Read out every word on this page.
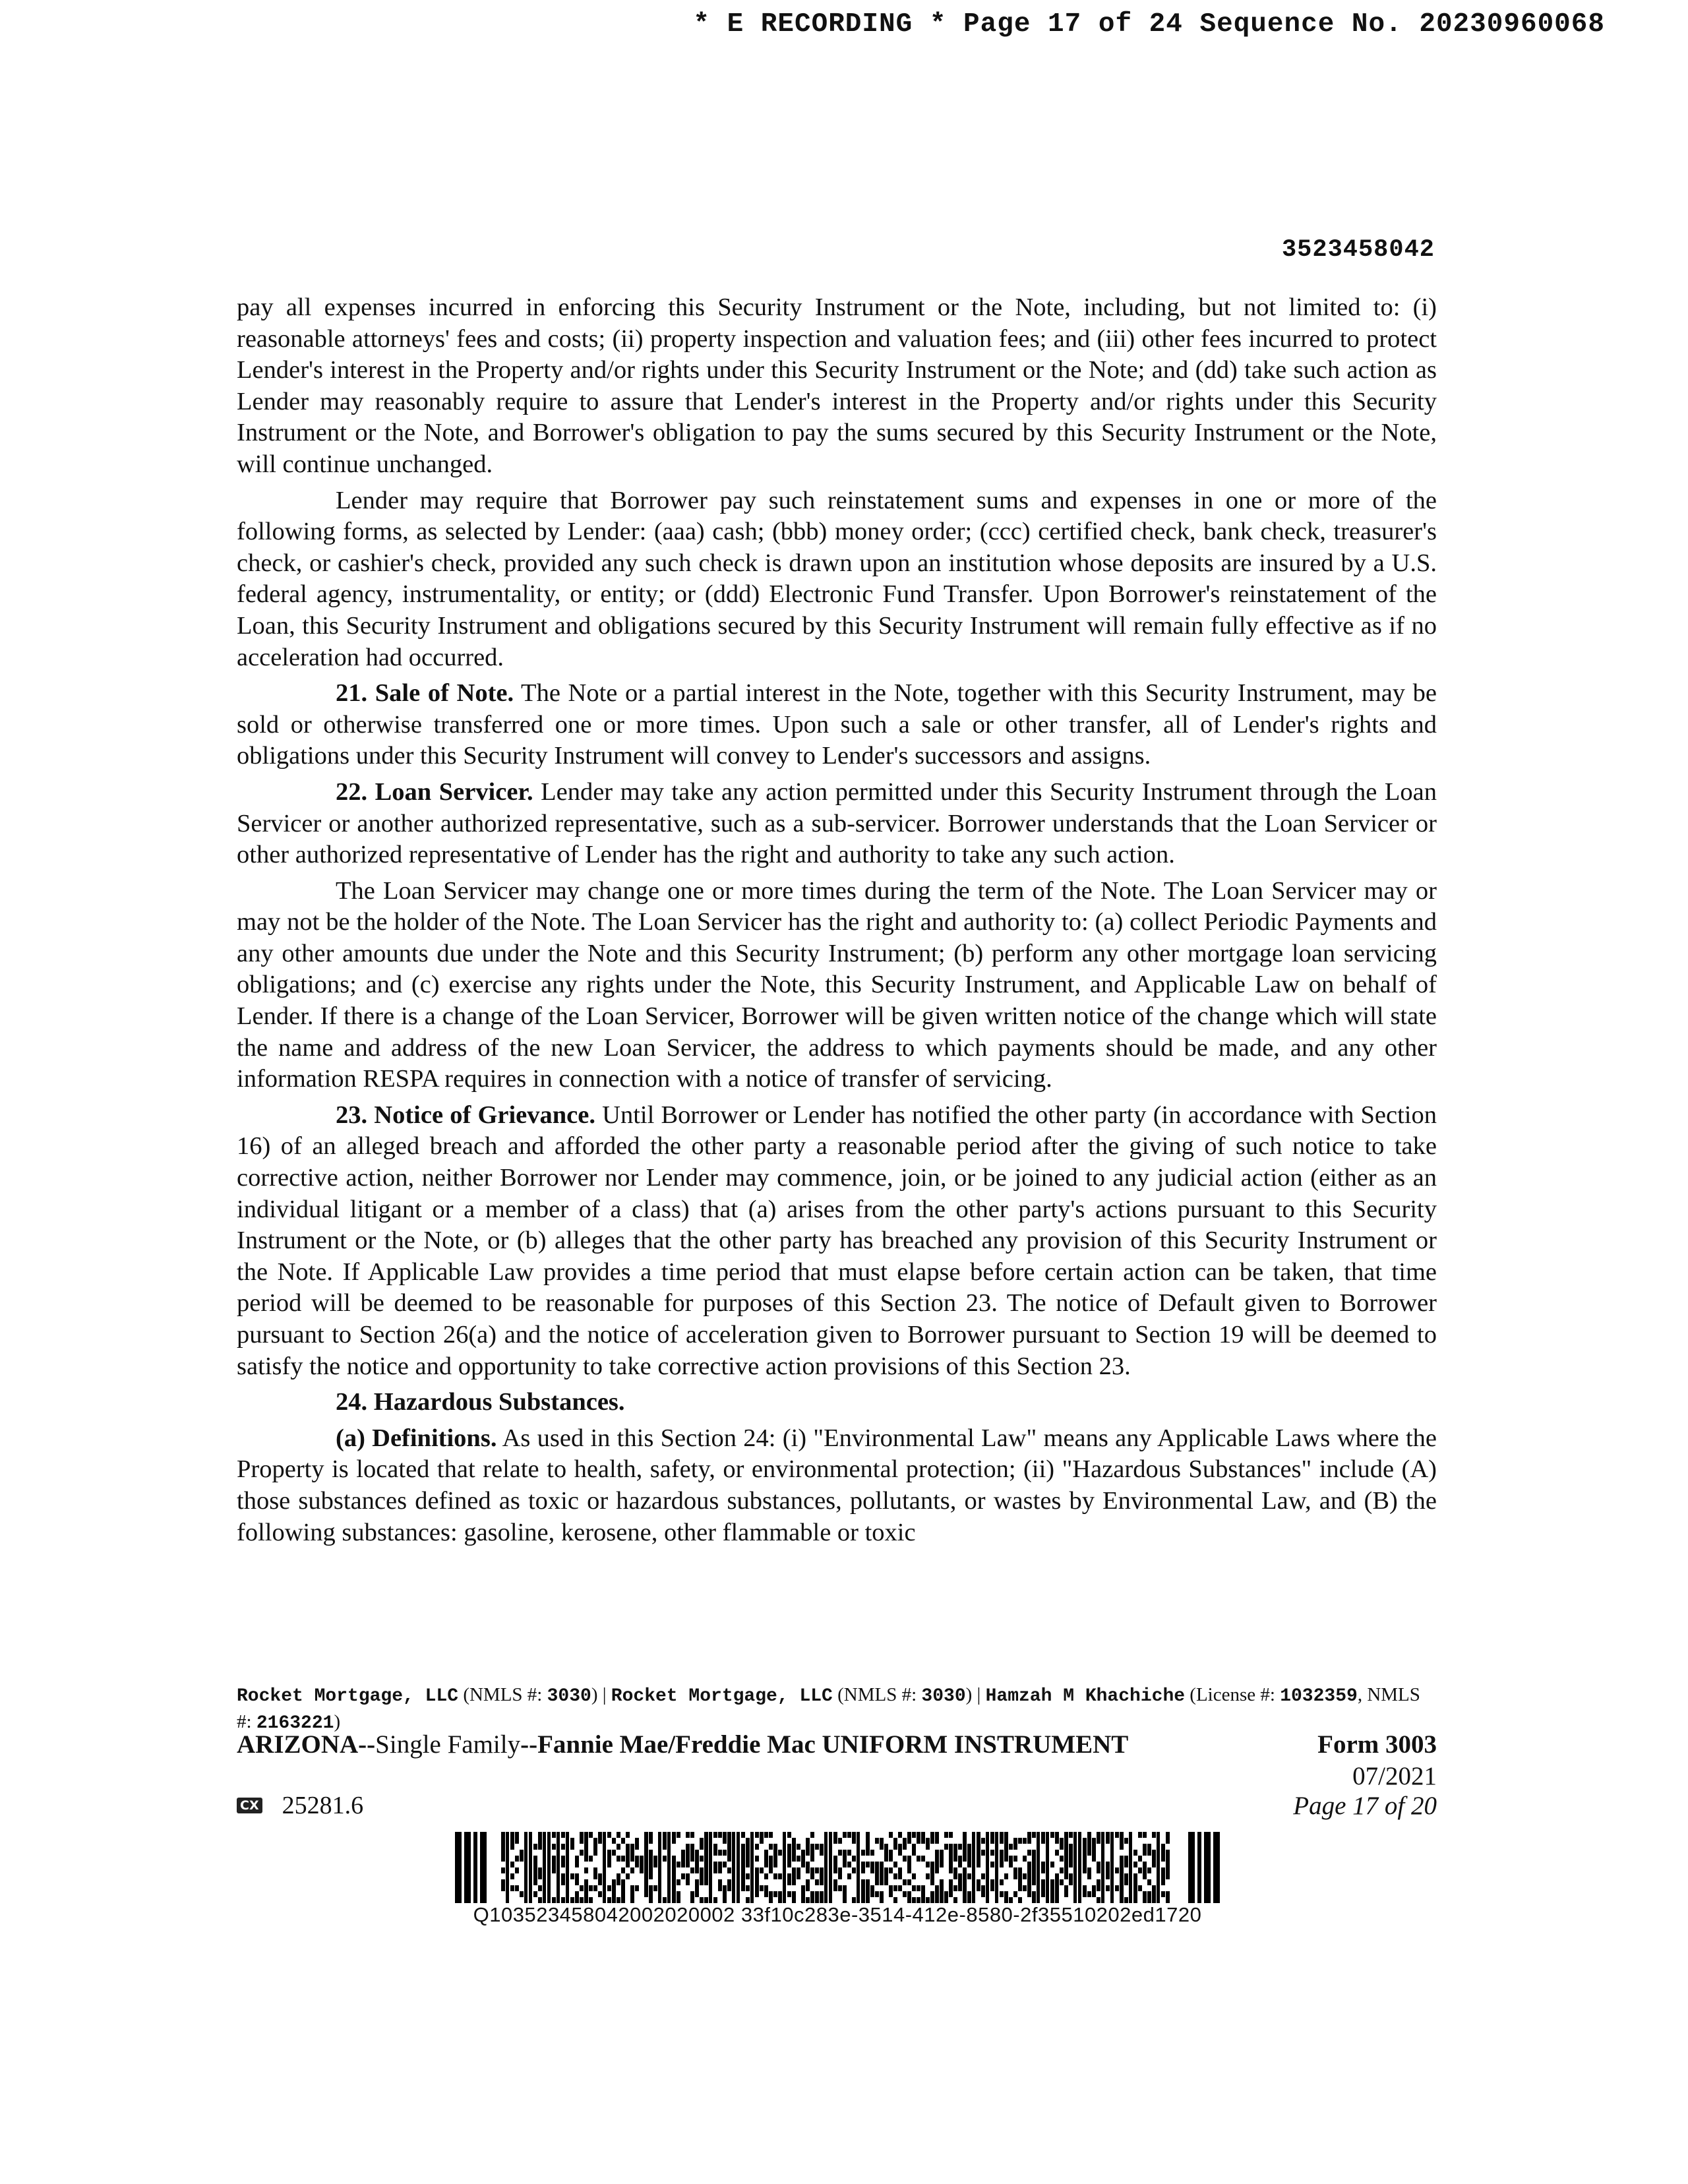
* E RECORDING * Page 17 of 24 Sequence No. 20230960068
3523458042

pay all expenses incurred in enforcing this Security Instrument or the Note, including, but not limited to: (i) reasonable attorneys' fees and costs; (ii) property inspection and valuation fees; and (iii) other fees incurred to protect Lender's interest in the Property and/or rights under this Security Instrument or the Note; and (dd) take such action as Lender may reasonably require to assure that Lender's interest in the Property and/or rights under this Security Instrument or the Note, and Borrower's obligation to pay the sums secured by this Security Instrument or the Note, will continue unchanged.

Lender may require that Borrower pay such reinstatement sums and expenses in one or more of the following forms, as selected by Lender: (aaa) cash; (bbb) money order; (ccc) certified check, bank check, treasurer's check, or cashier's check, provided any such check is drawn upon an institution whose deposits are insured by a U.S. federal agency, instrumentality, or entity; or (ddd) Electronic Fund Transfer. Upon Borrower's reinstatement of the Loan, this Security Instrument and obligations secured by this Security Instrument will remain fully effective as if no acceleration had occurred.

21. Sale of Note. The Note or a partial interest in the Note, together with this Security Instrument, may be sold or otherwise transferred one or more times. Upon such a sale or other transfer, all of Lender's rights and obligations under this Security Instrument will convey to Lender's successors and assigns.

22. Loan Servicer. Lender may take any action permitted under this Security Instrument through the Loan Servicer or another authorized representative, such as a sub-servicer. Borrower understands that the Loan Servicer or other authorized representative of Lender has the right and authority to take any such action.

The Loan Servicer may change one or more times during the term of the Note. The Loan Servicer may or may not be the holder of the Note. The Loan Servicer has the right and authority to: (a) collect Periodic Payments and any other amounts due under the Note and this Security Instrument; (b) perform any other mortgage loan servicing obligations; and (c) exercise any rights under the Note, this Security Instrument, and Applicable Law on behalf of Lender. If there is a change of the Loan Servicer, Borrower will be given written notice of the change which will state the name and address of the new Loan Servicer, the address to which payments should be made, and any other information RESPA requires in connection with a notice of transfer of servicing.

23. Notice of Grievance. Until Borrower or Lender has notified the other party (in accordance with Section 16) of an alleged breach and afforded the other party a reasonable period after the giving of such notice to take corrective action, neither Borrower nor Lender may commence, join, or be joined to any judicial action (either as an individual litigant or a member of a class) that (a) arises from the other party's actions pursuant to this Security Instrument or the Note, or (b) alleges that the other party has breached any provision of this Security Instrument or the Note. If Applicable Law provides a time period that must elapse before certain action can be taken, that time period will be deemed to be reasonable for purposes of this Section 23. The notice of Default given to Borrower pursuant to Section 26(a) and the notice of acceleration given to Borrower pursuant to Section 19 will be deemed to satisfy the notice and opportunity to take corrective action provisions of this Section 23.

24. Hazardous Substances.

(a) Definitions. As used in this Section 24: (i) "Environmental Law" means any Applicable Laws where the Property is located that relate to health, safety, or environmental protection; (ii) "Hazardous Substances" include (A) those substances defined as toxic or hazardous substances, pollutants, or wastes by Environmental Law, and (B) the following substances: gasoline, kerosene, other flammable or toxic

Rocket Mortgage, LLC (NMLS #: 3030) | Rocket Mortgage, LLC (NMLS #: 3030) | Hamzah M Khachiche (License #: 1032359, NMLS #: 2163221)
ARIZONA--Single Family--Fannie Mae/Freddie Mac UNIFORM INSTRUMENT	Form 3003
07/2021
Page 17 of 20
CX 25281.6
Q103523458042002020002 33f10c283e-3514-412e-8580-2f35510202ed1720
